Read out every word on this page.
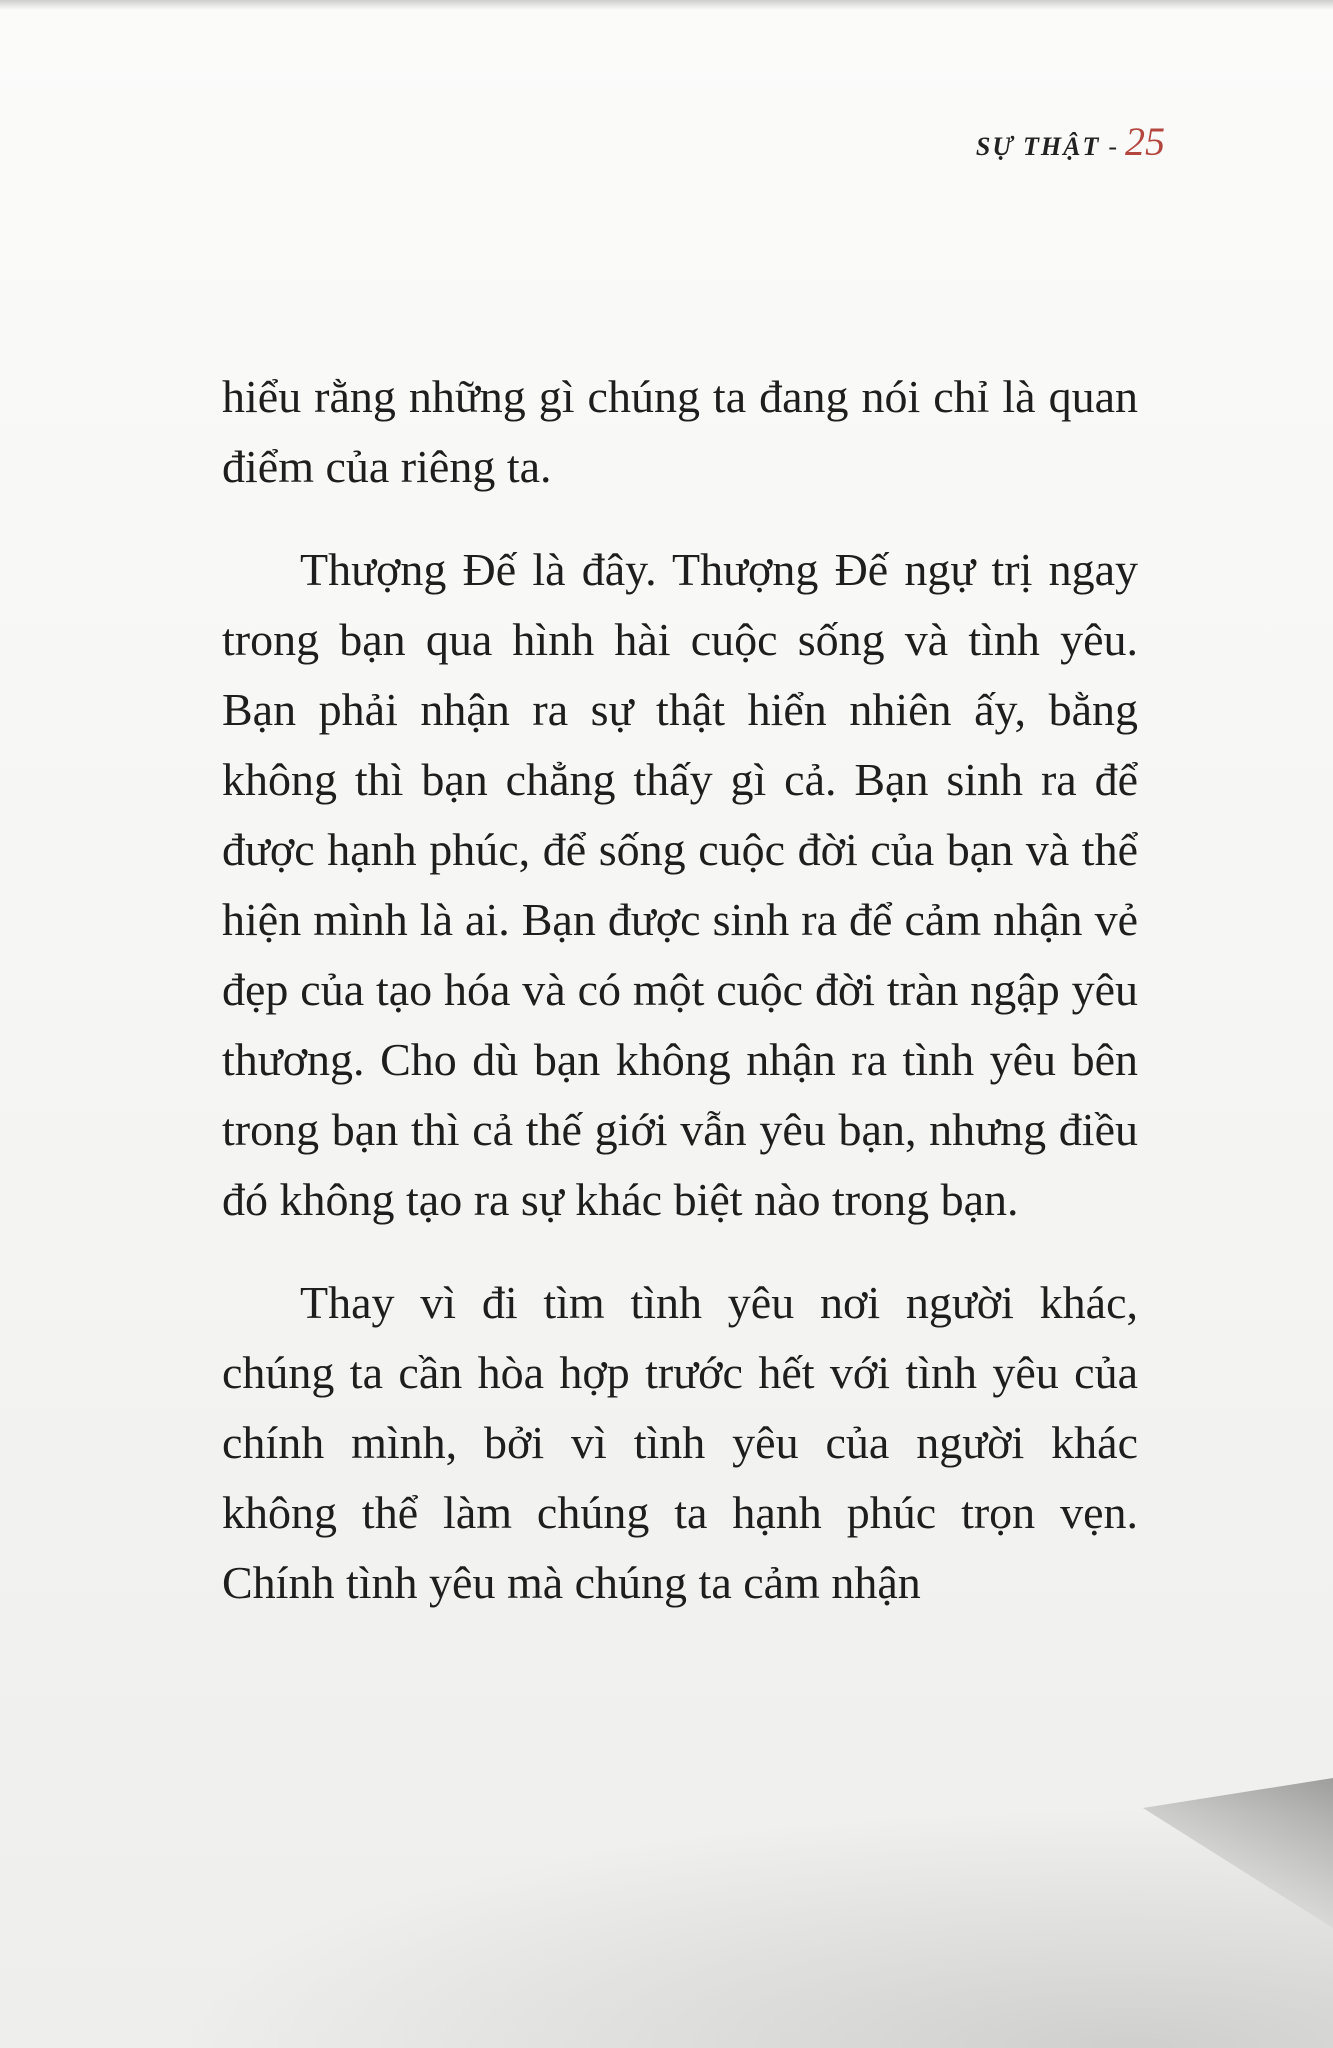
SỰ THẬT - 25

hiểu rằng những gì chúng ta đang nói chỉ là quan điểm của riêng ta.

Thượng Đế là đây. Thượng Đế ngự trị ngay trong bạn qua hình hài cuộc sống và tình yêu. Bạn phải nhận ra sự thật hiển nhiên ấy, bằng không thì bạn chẳng thấy gì cả. Bạn sinh ra để được hạnh phúc, để sống cuộc đời của bạn và thể hiện mình là ai. Bạn được sinh ra để cảm nhận vẻ đẹp của tạo hóa và có một cuộc đời tràn ngập yêu thương. Cho dù bạn không nhận ra tình yêu bên trong bạn thì cả thế giới vẫn yêu bạn, nhưng điều đó không tạo ra sự khác biệt nào trong bạn.

Thay vì đi tìm tình yêu nơi người khác, chúng ta cần hòa hợp trước hết với tình yêu của chính mình, bởi vì tình yêu của người khác không thể làm chúng ta hạnh phúc trọn vẹn. Chính tình yêu mà chúng ta cảm nhận
